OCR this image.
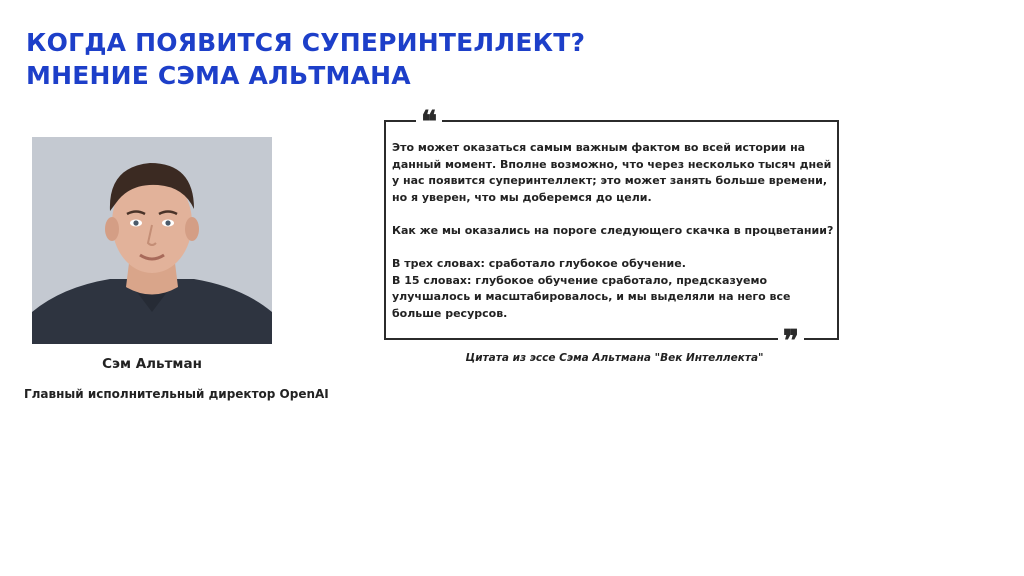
КОГДА ПОЯВИТСЯ СУПЕРИНТЕЛЛЕКТ?
МНЕНИЕ СЭМА АЛЬТМАНА
Сэм Альтман
Главный исполнительный директор OpenAI
❝

Это может оказаться самым важным фактом во всей истории на данный момент. Вполне возможно, что через несколько тысяч дней у нас появится суперинтеллект; это может занять больше времени, но я уверен, что мы доберемся до цели.

Как же мы оказались на пороге следующего скачка в процветании?

В трех словах: сработало глубокое обучение.

В 15 словах: глубокое обучение сработало, предсказуемо улучшалось и масштабировалось, и мы выделяли на него все больше ресурсов.

❞
Цитата из эссе Сэма Альтмана "Век Интеллекта"
